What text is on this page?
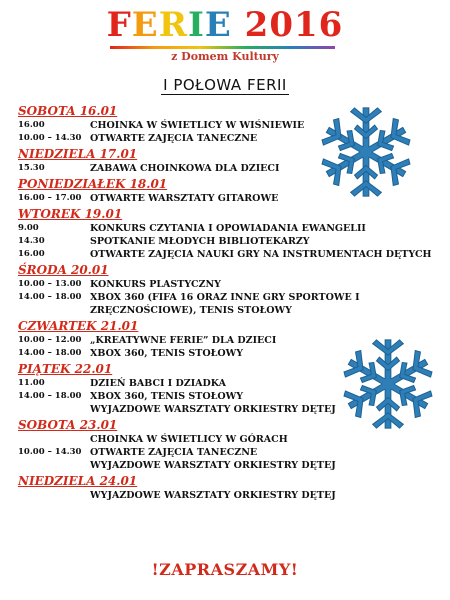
FERIE 2016
z Domem Kultury
I POŁOWA FERII
SOBOTA 16.01
16.00	CHOINKA W ŚWIETLICY W WIŚNIEWIE
10.00 – 14.30 OTWARTE ZAJĘCIA TANECZNE
NIEDZIELA 17.01
15.30	ZABAWA CHOINKOWA DLA DZIECI
PONIEDZIAŁEK 18.01
16.00 – 17.00 OTWARTE WARSZTATY GITAROWE
WTOREK 19.01
9.00	KONKURS CZYTANIA I OPOWIADANIA EWANGELII
14.30	SPOTKANIE MŁODYCH BIBLIOTEKARZY
16.00	OTWARTE ZAJĘCIA NAUKI GRY NA INSTRUMENTACH DĘTYCH
ŚRODA 20.01
10.00 – 13.00 KONKURS PLASTYCZNY
14.00 – 18.00 XBOX 360 (FIFA 16 ORAZ INNE GRY SPORTOWE I ZRĘCZNOŚCIOWE), TENIS STOŁOWY
CZWARTEK 21.01
10.00 – 12.00 „KREATYWNE FERIE” DLA DZIECI
14.00 – 18.00 XBOX 360, TENIS STOŁOWY
PIĄTEK 22.01
11.00	DZIEŃ BABCI I DZIADKA
14.00 – 18.00 XBOX 360, TENIS STOŁOWY
WYJAZDOWE WARSZTATY ORKIESTRY DĘTEJ
SOBOTA 23.01
CHOINKA W ŚWIETLICY W GÓRACH
10.00 – 14.30 OTWARTE ZAJĘCIA TANECZNE
WYJAZDOWE WARSZTATY ORKIESTRY DĘTEJ
NIEDZIELA 24.01
WYJAZDOWE WARSZTATY ORKIESTRY DĘTEJ
!ZAPRASZAMY!
